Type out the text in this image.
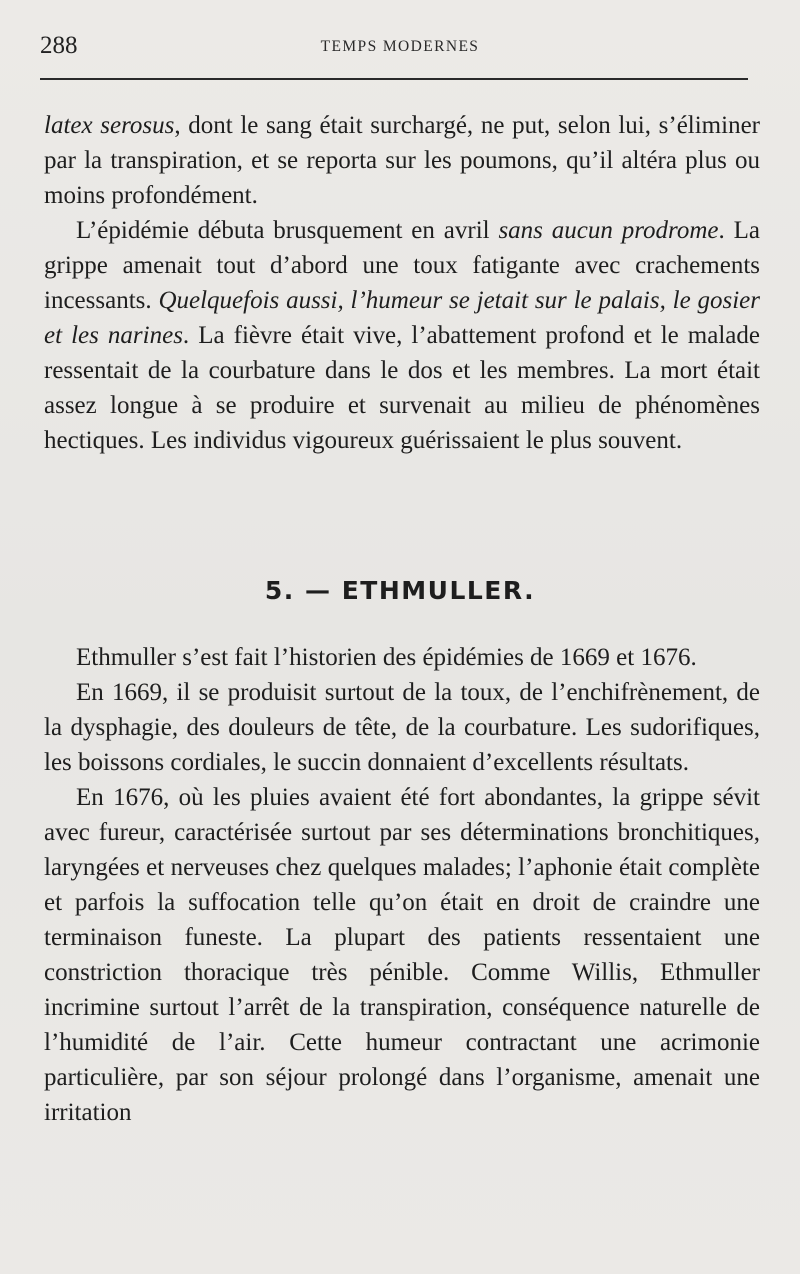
288	TEMPS MODERNES

latex serosus, dont le sang était surchargé, ne put, selon lui, s’éliminer par la transpiration, et se reporta sur les poumons, qu’il altéra plus ou moins profondément.

L’épidémie débuta brusquement en avril sans aucun prodrome. La grippe amenait tout d’abord une toux fatigante avec crachements incessants. Quelquefois aussi, l’humeur se jetait sur le palais, le gosier et les narines. La fièvre était vive, l’abattement profond et le malade ressentait de la courbature dans le dos et les membres. La mort était assez longue à se produire et survenait au milieu de phénomènes hectiques. Les individus vigoureux guérissaient le plus souvent.

5. — ETHMULLER.

Ethmuller s’est fait l’historien des épidémies de 1669 et 1676.

En 1669, il se produisit surtout de la toux, de l’enchifrènement, de la dysphagie, des douleurs de tête, de la courbature. Les sudorifiques, les boissons cordiales, le succin donnaient d’excellents résultats.

En 1676, où les pluies avaient été fort abondantes, la grippe sévit avec fureur, caractérisée surtout par ses déterminations bronchitiques, laryngées et nerveuses chez quelques malades; l’aphonie était complète et parfois la suffocation telle qu’on était en droit de craindre une terminaison funeste. La plupart des patients ressentaient une constriction thoracique très pénible. Comme Willis, Ethmuller incrimine surtout l’arrêt de la transpiration, conséquence naturelle de l’humidité de l’air. Cette humeur contractant une acrimonie particulière, par son séjour prolongé dans l’organisme, amenait une irritation
